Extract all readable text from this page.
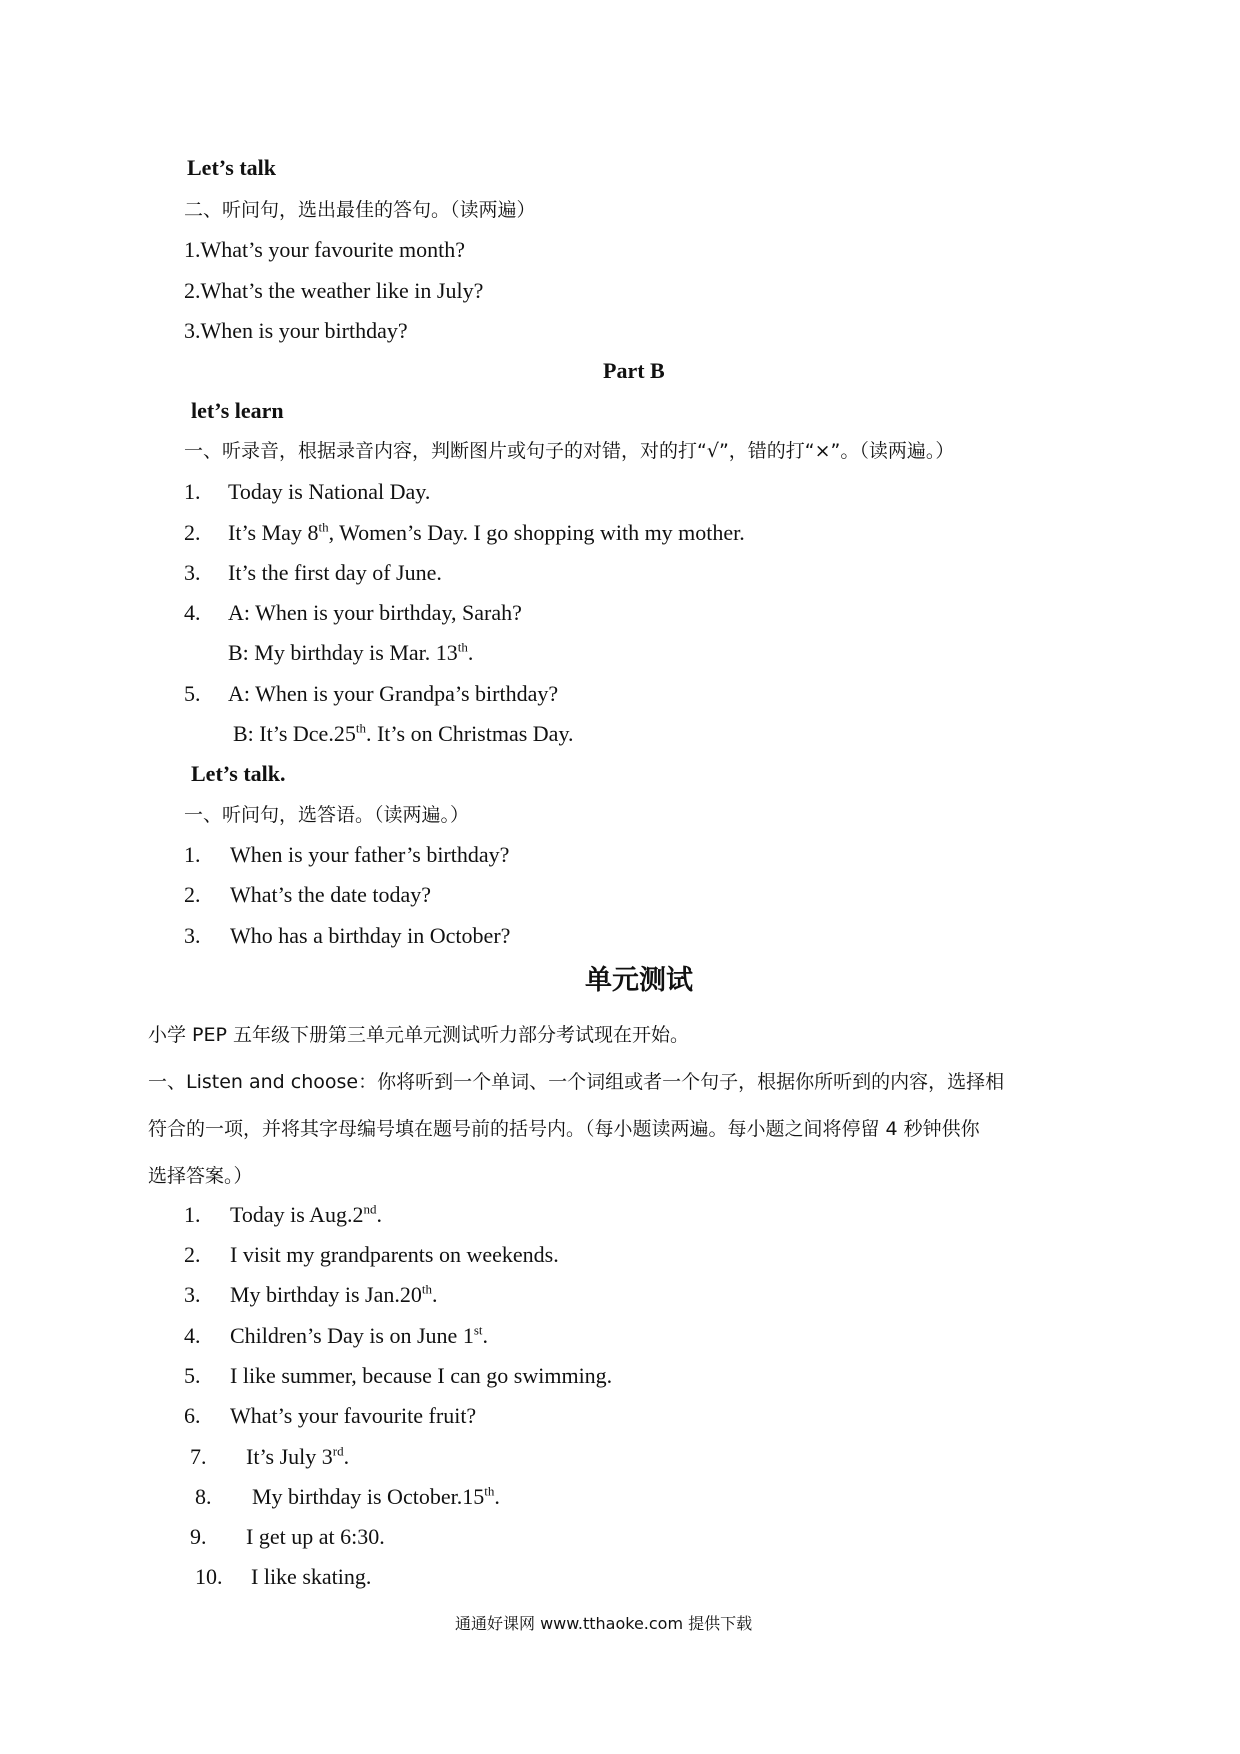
Let’s talk
二、听问句，选出最佳的答句。（读两遍）
1.What’s your favourite month?
2.What’s the weather like in July?
3.When is your birthday?
Part B
let’s learn
一、听录音，根据录音内容，判断图片或句子的对错，对的打“√”，错的打“×”。（读两遍。）
1. Today is National Day.
2. It’s May 8th, Women’s Day. I go shopping with my mother.
3. It’s the first day of June.
4. A: When is your birthday, Sarah?
B: My birthday is Mar. 13th.
5. A: When is your Grandpa’s birthday?
B: It’s Dce.25th. It’s on Christmas Day.
Let’s talk.
一、听问句，选答语。（读两遍。）
1. When is your father’s birthday?
2. What’s the date today?
3. Who has a birthday in October?
单元测试
小学 PEP 五年级下册第三单元单元测试听力部分考试现在开始。
一、Listen and choose：你将听到一个单词、一个词组或者一个句子，根据你所听到的内容，选择相
符合的一项，并将其字母编号填在题号前的括号内。（每小题读两遍。每小题之间将停留 4 秒钟供你
选择答案。）
1. Today is Aug.2nd.
2. I visit my grandparents on weekends.
3. My birthday is Jan.20th.
4. Children’s Day is on June 1st.
5. I like summer, because I can go swimming.
6. What’s your favourite fruit?
7. It’s July 3rd.
8. My birthday is October.15th.
9. I get up at 6:30.
10. I like skating.
通通好课网 www.tthaoke.com 提供下载
